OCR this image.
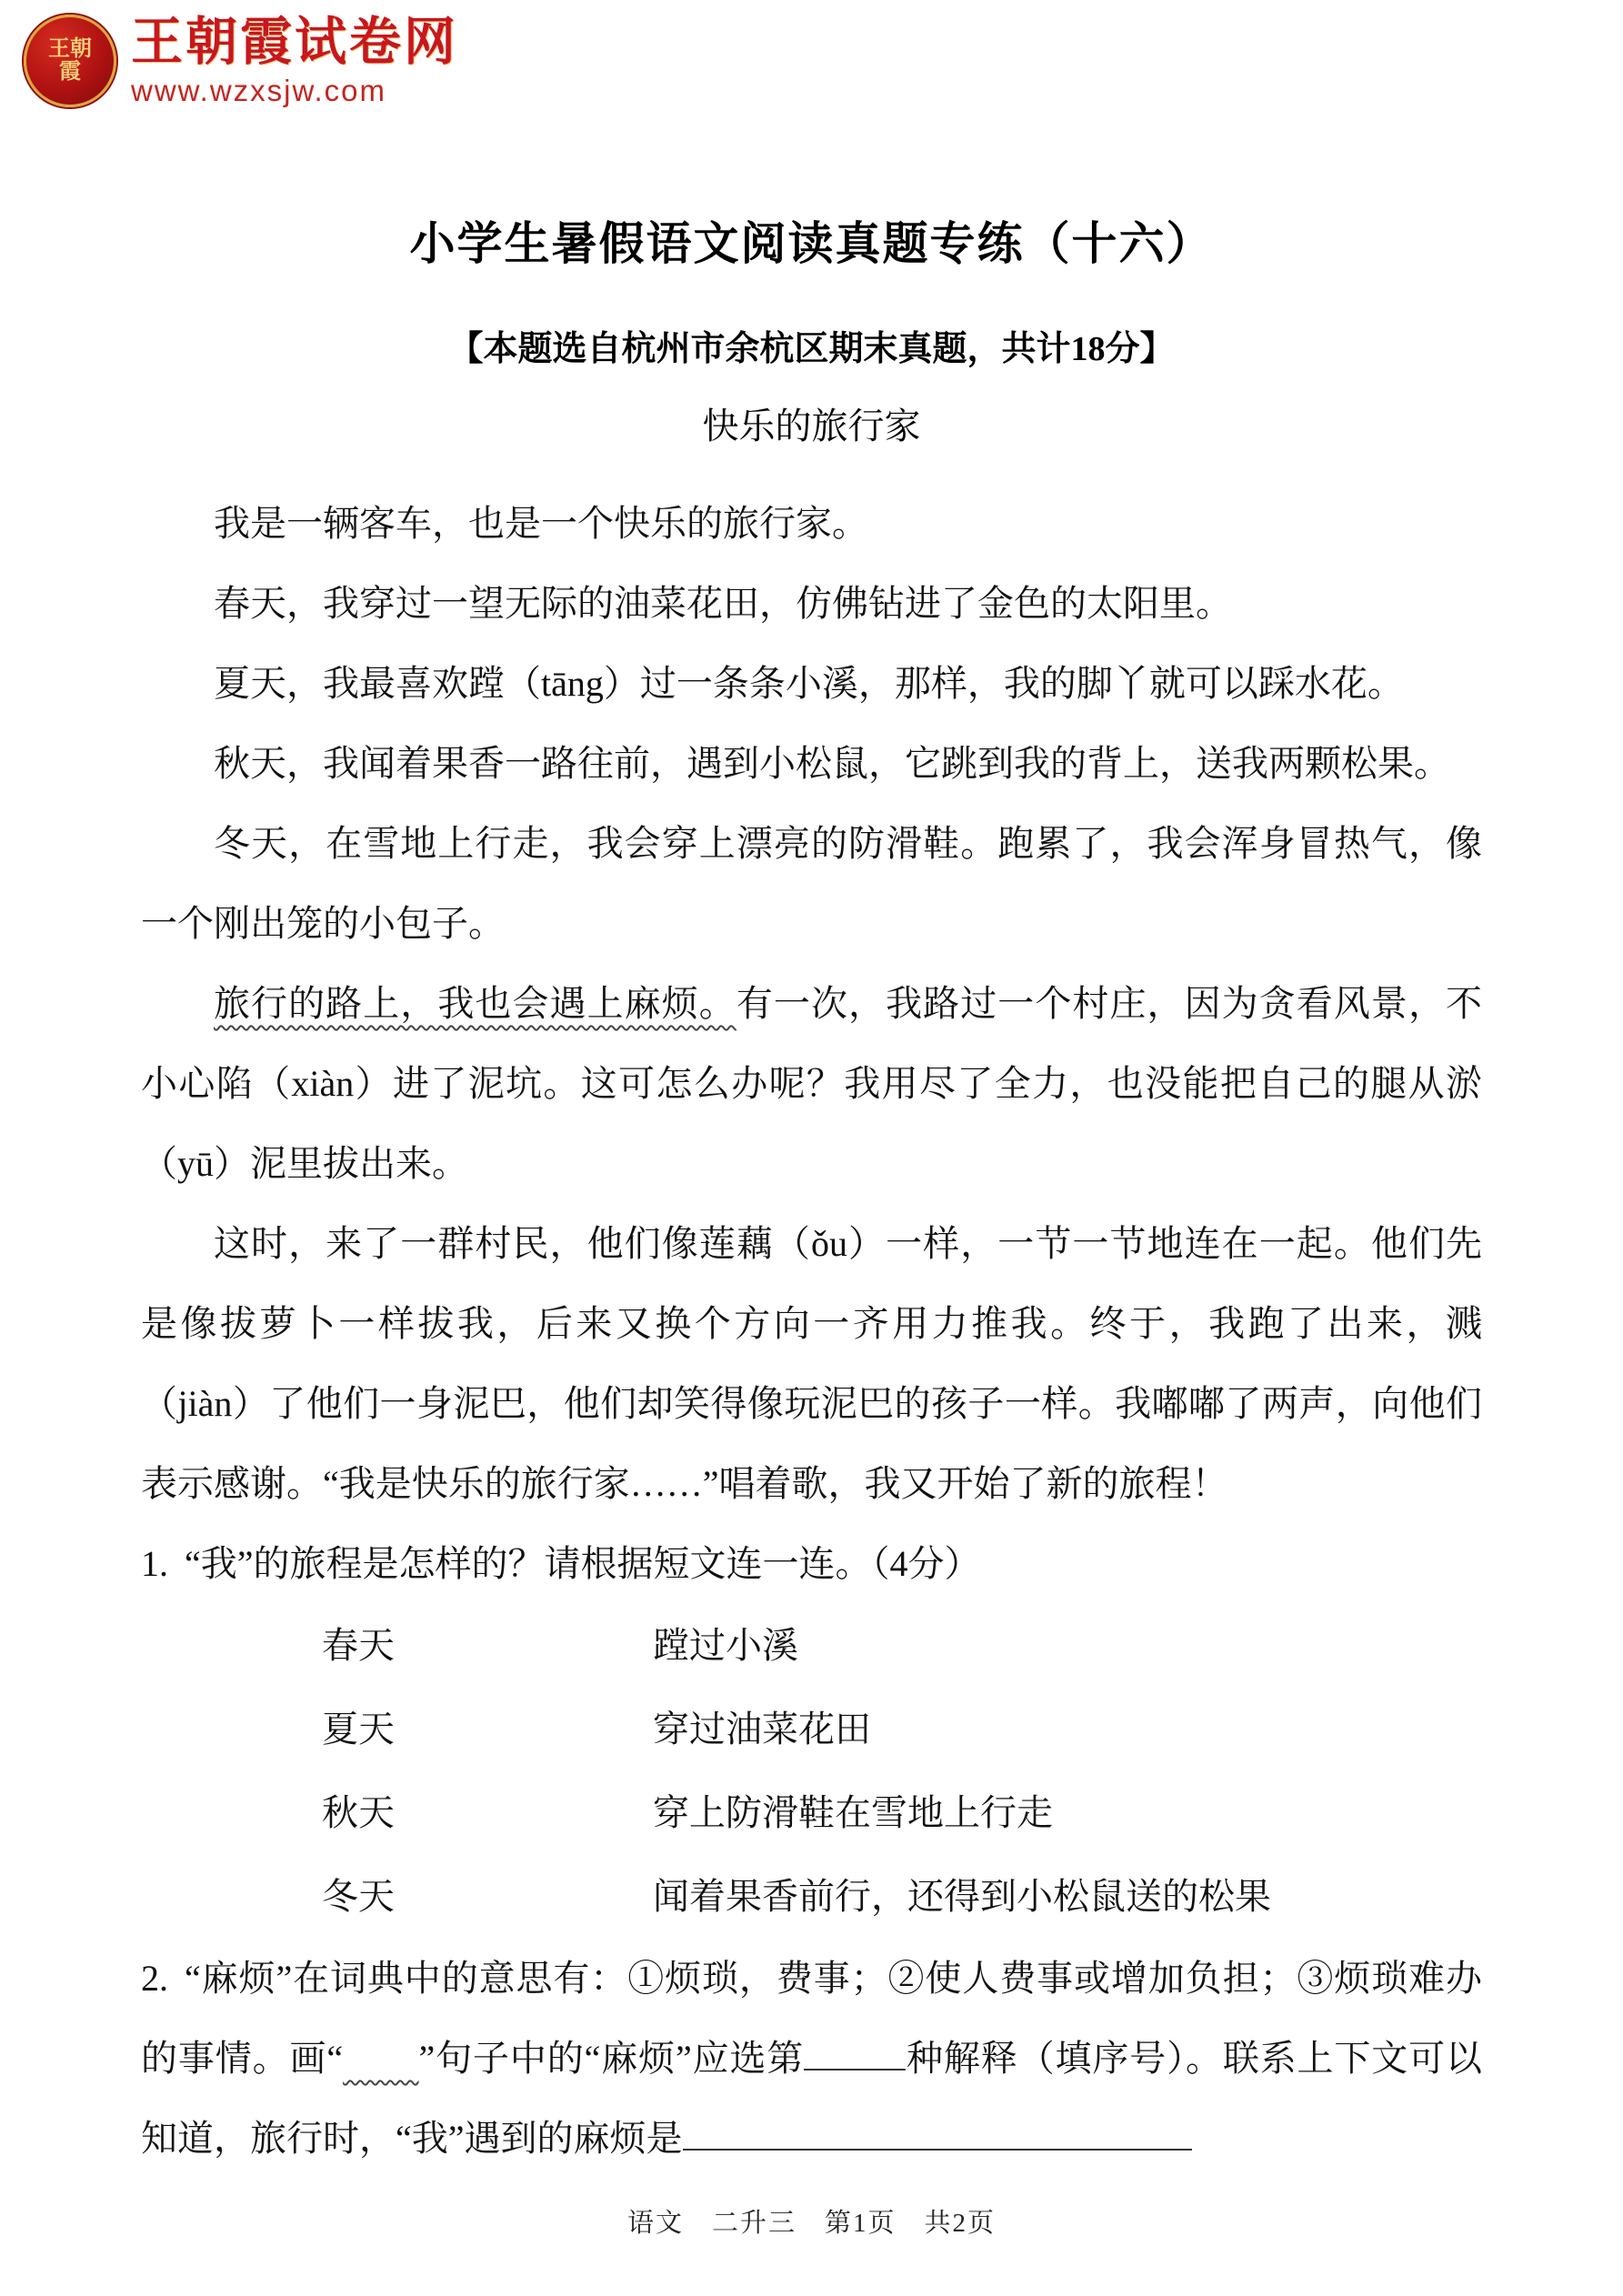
王朝霞
王朝霞试卷网
www.wzxsjw.com
小学生暑假语文阅读真题专练（十六）

【本题选自杭州市余杭区期末真题，共计18分】

快乐的旅行家

我是一辆客车，也是一个快乐的旅行家。

春天，我穿过一望无际的油菜花田，仿佛钻进了金色的太阳里。

夏天，我最喜欢蹚（tāng）过一条条小溪，那样，我的脚丫就可以踩水花。

秋天，我闻着果香一路往前，遇到小松鼠，它跳到我的背上，送我两颗松果。

冬天，在雪地上行走，我会穿上漂亮的防滑鞋。跑累了，我会浑身冒热气，像一个刚出笼的小包子。

旅行的路上，我也会遇上麻烦。有一次，我路过一个村庄，因为贪看风景，不小心陷（xiàn）进了泥坑。这可怎么办呢？我用尽了全力，也没能把自己的腿从淤（yū）泥里拔出来。

这时，来了一群村民，他们像莲藕（ǒu）一样，一节一节地连在一起。他们先是像拔萝卜一样拔我，后来又换个方向一齐用力推我。终于，我跑了出来，溅（jiàn）了他们一身泥巴，他们却笑得像玩泥巴的孩子一样。我嘟嘟了两声，向他们表示感谢。“我是快乐的旅行家……”唱着歌，我又开始了新的旅程！

1. “我”的旅程是怎样的？请根据短文连一连。（4分）

春天	蹚过小溪
夏天	穿过油菜花田
秋天	穿上防滑鞋在雪地上行走
冬天	闻着果香前行，还得到小松鼠送的松果

2. “麻烦”在词典中的意思有：①烦琐，费事；②使人费事或增加负担；③烦琐难办的事情。画“ ”句子中的“麻烦”应选第	种解释（填序号）。联系上下文可以知道，旅行时，“我”遇到的麻烦是

语文　二升三　第1页　共2页
